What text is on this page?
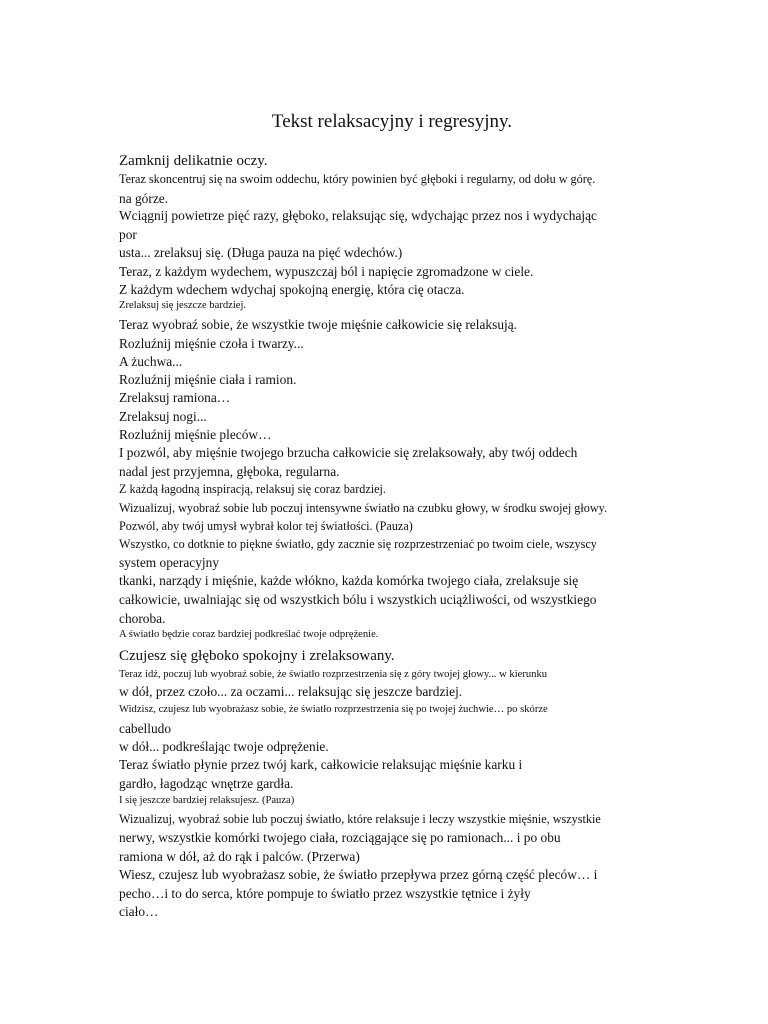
Tekst relaksacyjny i regresyjny.
Zamknij delikatnie oczy.
Teraz skoncentruj się na swoim oddechu, który powinien być głęboki i regularny, od dołu w górę.
na górze.
Wciągnij powietrze pięć razy, głęboko, relaksując się, wdychając przez nos i wydychając
por
usta... zrelaksuj się. (Długa pauza na pięć wdechów.)
Teraz, z każdym wydechem, wypuszczaj ból i napięcie zgromadzone w ciele.
Z każdym wdechem wdychaj spokojną energię, która cię otacza.
Zrelaksuj się jeszcze bardziej.
Teraz wyobraź sobie, że wszystkie twoje mięśnie całkowicie się relaksują.
Rozluźnij mięśnie czoła i twarzy...
A żuchwa...
Rozluźnij mięśnie ciała i ramion.
Zrelaksuj ramiona…
Zrelaksuj nogi...
Rozluźnij mięśnie pleców…
I pozwól, aby mięśnie twojego brzucha całkowicie się zrelaksowały, aby twój oddech
nadal jest przyjemna, głęboka, regularna.
Z każdą łagodną inspiracją, relaksuj się coraz bardziej.
Wizualizuj, wyobraź sobie lub poczuj intensywne światło na czubku głowy, w środku swojej głowy.
Pozwól, aby twój umysł wybrał kolor tej światłości. (Pauza)
Wszystko, co dotknie to piękne światło, gdy zacznie się rozprzestrzeniać po twoim ciele, wszyscy
system operacyjny
tkanki, narządy i mięśnie, każde włókno, każda komórka twojego ciała, zrelaksuje się
całkowicie, uwalniając się od wszystkich bólu i wszystkich uciążliwości, od wszystkiego
choroba.
A światło będzie coraz bardziej podkreślać twoje odprężenie.
Czujesz się głęboko spokojny i zrelaksowany.
Teraz idź, poczuj lub wyobraź sobie, że światło rozprzestrzenia się z góry twojej głowy... w kierunku
w dół, przez czoło... za oczami... relaksując się jeszcze bardziej.
Widzisz, czujesz lub wyobrażasz sobie, że światło rozprzestrzenia się po twojej żuchwie… po skórze
cabelludo
w dół... podkreślając twoje odprężenie.
Teraz światło płynie przez twój kark, całkowicie relaksując mięśnie karku i
gardło, łagodząc wnętrze gardła.
I się jeszcze bardziej relaksujesz. (Pauza)
Wizualizuj, wyobraź sobie lub poczuj światło, które relaksuje i leczy wszystkie mięśnie, wszystkie
nerwy, wszystkie komórki twojego ciała, rozciągające się po ramionach... i po obu
ramiona w dół, aż do rąk i palców. (Przerwa)
Wiesz, czujesz lub wyobrażasz sobie, że światło przepływa przez górną część pleców… i
pecho…i to do serca, które pompuje to światło przez wszystkie tętnice i żyły
ciało…
